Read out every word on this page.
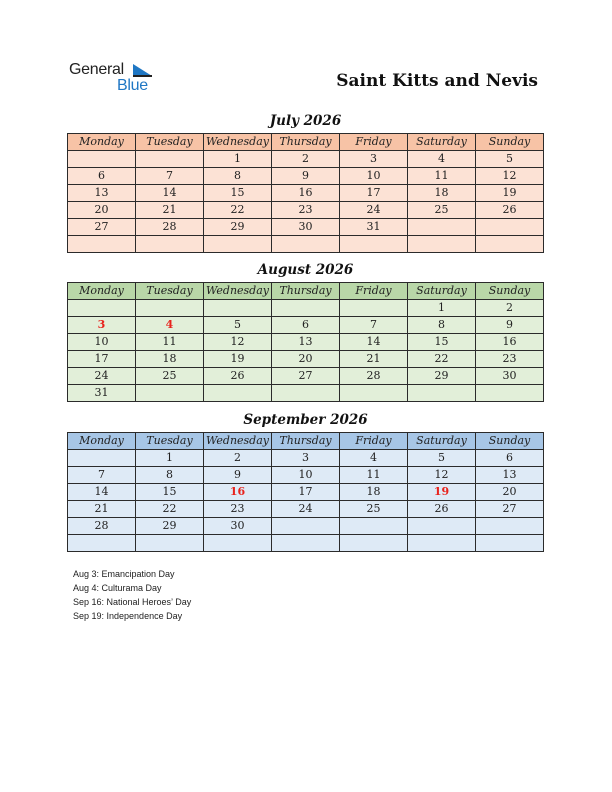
General
Blue	Saint Kitts and Nevis
July 2026
Monday	Tuesday	Wednesday	Thursday	Friday	Saturday	Sunday
		1	2	3	4	5
6	7	8	9	10	11	12
13	14	15	16	17	18	19
20	21	22	23	24	25	26
27	28	29	30	31		

August 2026
Monday	Tuesday	Wednesday	Thursday	Friday	Saturday	Sunday
					1	2
3	4	5	6	7	8	9
10	11	12	13	14	15	16
17	18	19	20	21	22	23
24	25	26	27	28	29	30
31						
September 2026
Monday	Tuesday	Wednesday	Thursday	Friday	Saturday	Sunday
	1	2	3	4	5	6
7	8	9	10	11	12	13
14	15	16	17	18	19	20
21	22	23	24	25	26	27
28	29	30				

Aug 3: Emancipation Day
Aug 4: Culturama Day
Sep 16: National Heroes’ Day
Sep 19: Independence Day
